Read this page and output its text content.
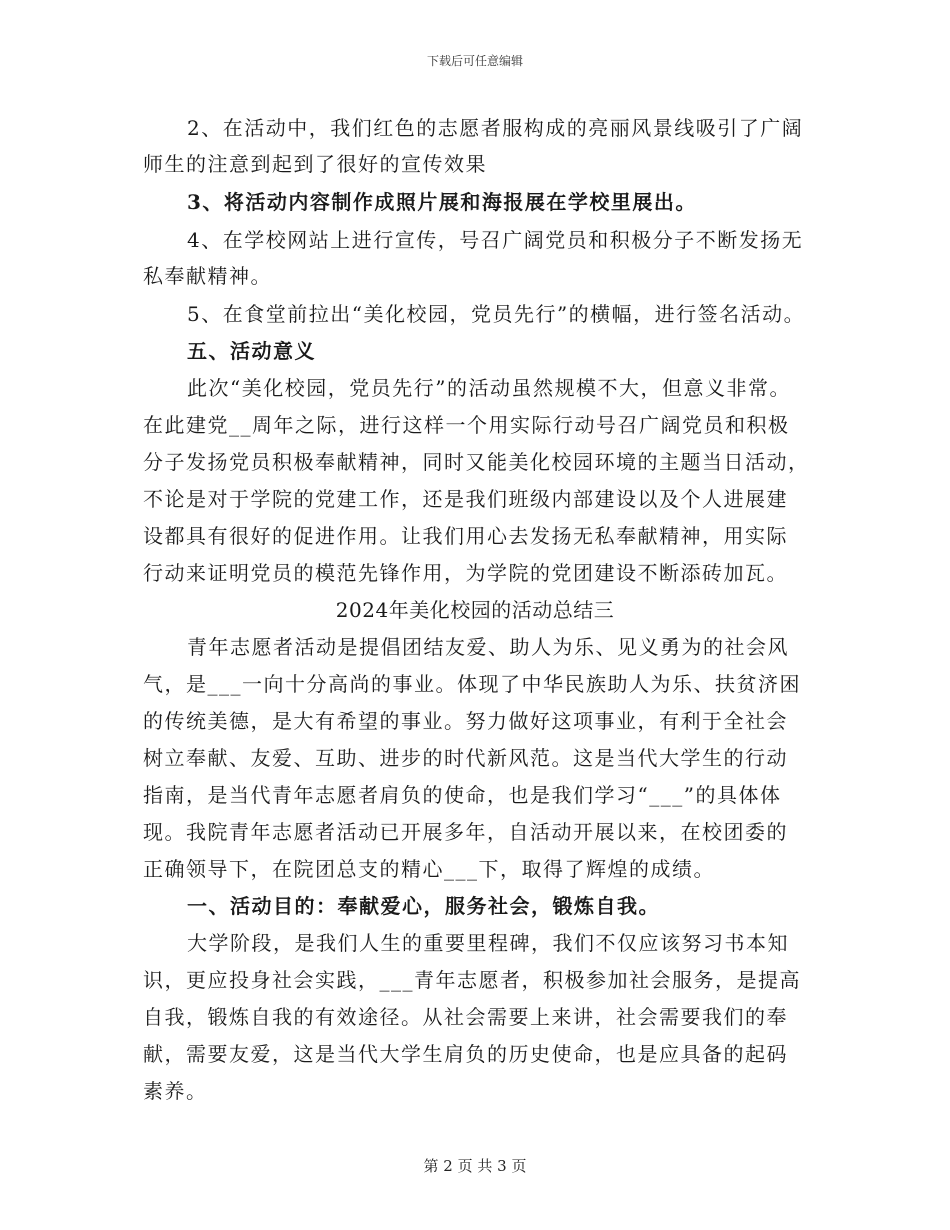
下载后可任意编辑
2、在活动中，我们红色的志愿者服构成的亮丽风景线吸引了广阔
师生的注意到起到了很好的宣传效果
3、将活动内容制作成照片展和海报展在学校里展出。
4、在学校网站上进行宣传，号召广阔党员和积极分子不断发扬无
私奉献精神。
5、在食堂前拉出“美化校园，党员先行”的横幅，进行签名活动。
五、活动意义
此次“美化校园，党员先行”的活动虽然规模不大，但意义非常。
在此建党__周年之际，进行这样一个用实际行动号召广阔党员和积极
分子发扬党员积极奉献精神，同时又能美化校园环境的主题当日活动，
不论是对于学院的党建工作，还是我们班级内部建设以及个人进展建
设都具有很好的促进作用。让我们用心去发扬无私奉献精神，用实际
行动来证明党员的模范先锋作用，为学院的党团建设不断添砖加瓦。
2024年美化校园的活动总结三
青年志愿者活动是提倡团结友爱、助人为乐、见义勇为的社会风
气，是___一向十分高尚的事业。体现了中华民族助人为乐、扶贫济困
的传统美德，是大有希望的事业。努力做好这项事业，有利于全社会
树立奉献、友爱、互助、进步的时代新风范。这是当代大学生的行动
指南，是当代青年志愿者肩负的使命，也是我们学习“___”的具体体
现。我院青年志愿者活动已开展多年，自活动开展以来，在校团委的
正确领导下，在院团总支的精心___下，取得了辉煌的成绩。
一、活动目的：奉献爱心，服务社会，锻炼自我。
大学阶段，是我们人生的重要里程碑，我们不仅应该努习书本知
识，更应投身社会实践，___青年志愿者，积极参加社会服务，是提高
自我，锻炼自我的有效途径。从社会需要上来讲，社会需要我们的奉
献，需要友爱，这是当代大学生肩负的历史使命，也是应具备的起码
素养。
第 2 页 共 3 页
